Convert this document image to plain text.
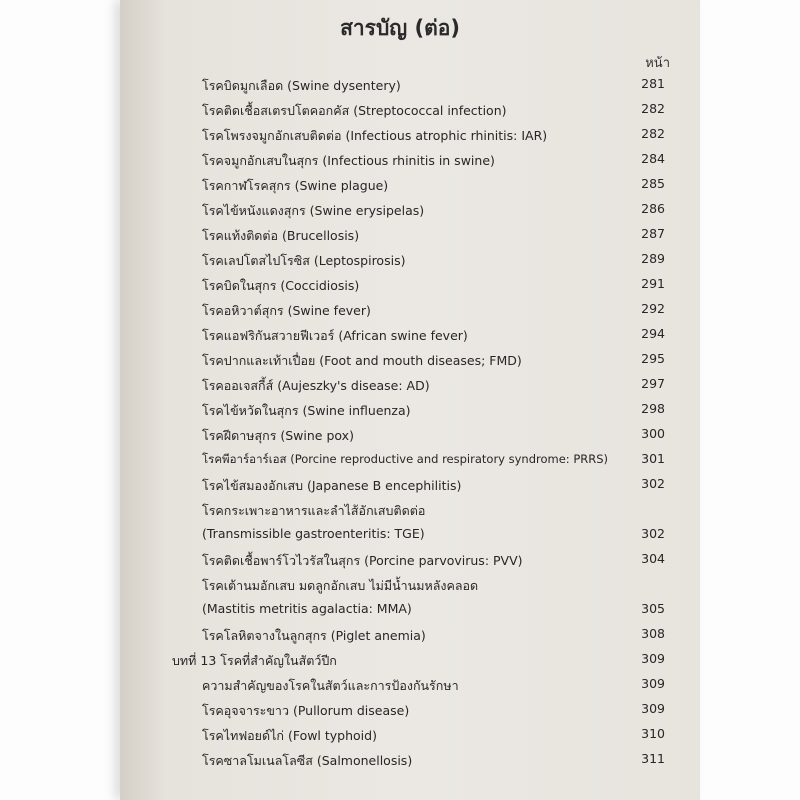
สารบัญ (ต่อ)
หน้า
โรคบิดมูกเลือด (Swine dysentery)	281
โรคติดเชื้อสเตรปโตคอกคัส (Streptococcal infection)	282
โรคโพรงจมูกอักเสบติดต่อ (Infectious atrophic rhinitis: IAR)	282
โรคจมูกอักเสบในสุกร (Infectious rhinitis in swine)	284
โรคกาฬโรคสุกร (Swine plague)	285
โรคไข้หนังแดงสุกร (Swine erysipelas)	286
โรคแท้งติดต่อ (Brucellosis)	287
โรคเลปโตสไปโรซิส (Leptospirosis)	289
โรคบิดในสุกร (Coccidiosis)	291
โรคอหิวาต์สุกร (Swine fever)	292
โรคแอฟริกันสวายฟีเวอร์ (African swine fever)	294
โรคปากและเท้าเปื่อย (Foot and mouth diseases; FMD)	295
โรคออเจสกี้ส์ (Aujeszky's disease: AD)	297
โรคไข้หวัดในสุกร (Swine influenza)	298
โรคฝีดาษสุกร (Swine pox)	300
โรคพีอาร์อาร์เอส (Porcine reproductive and respiratory syndrome: PRRS)	301
โรคไข้สมองอักเสบ (Japanese B encephilitis)	302
โรคกระเพาะอาหารและลำไส้อักเสบติดต่อ
(Transmissible gastroenteritis: TGE)	302
โรคติดเชื้อพาร์โวไวรัสในสุกร (Porcine parvovirus: PVV)	304
โรคเต้านมอักเสบ มดลูกอักเสบ ไม่มีน้ำนมหลังคลอด
(Mastitis metritis agalactia: MMA)	305
โรคโลหิตจางในลูกสุกร (Piglet anemia)	308
บทที่ 13 โรคที่สำคัญในสัตว์ปีก	309
ความสำคัญของโรคในสัตว์และการป้องกันรักษา	309
โรคอุจจาระขาว (Pullorum disease)	309
โรคไทฟอยด์ไก่ (Fowl typhoid)	310
โรคซาลโมเนลโลซีส (Salmonellosis)	311
